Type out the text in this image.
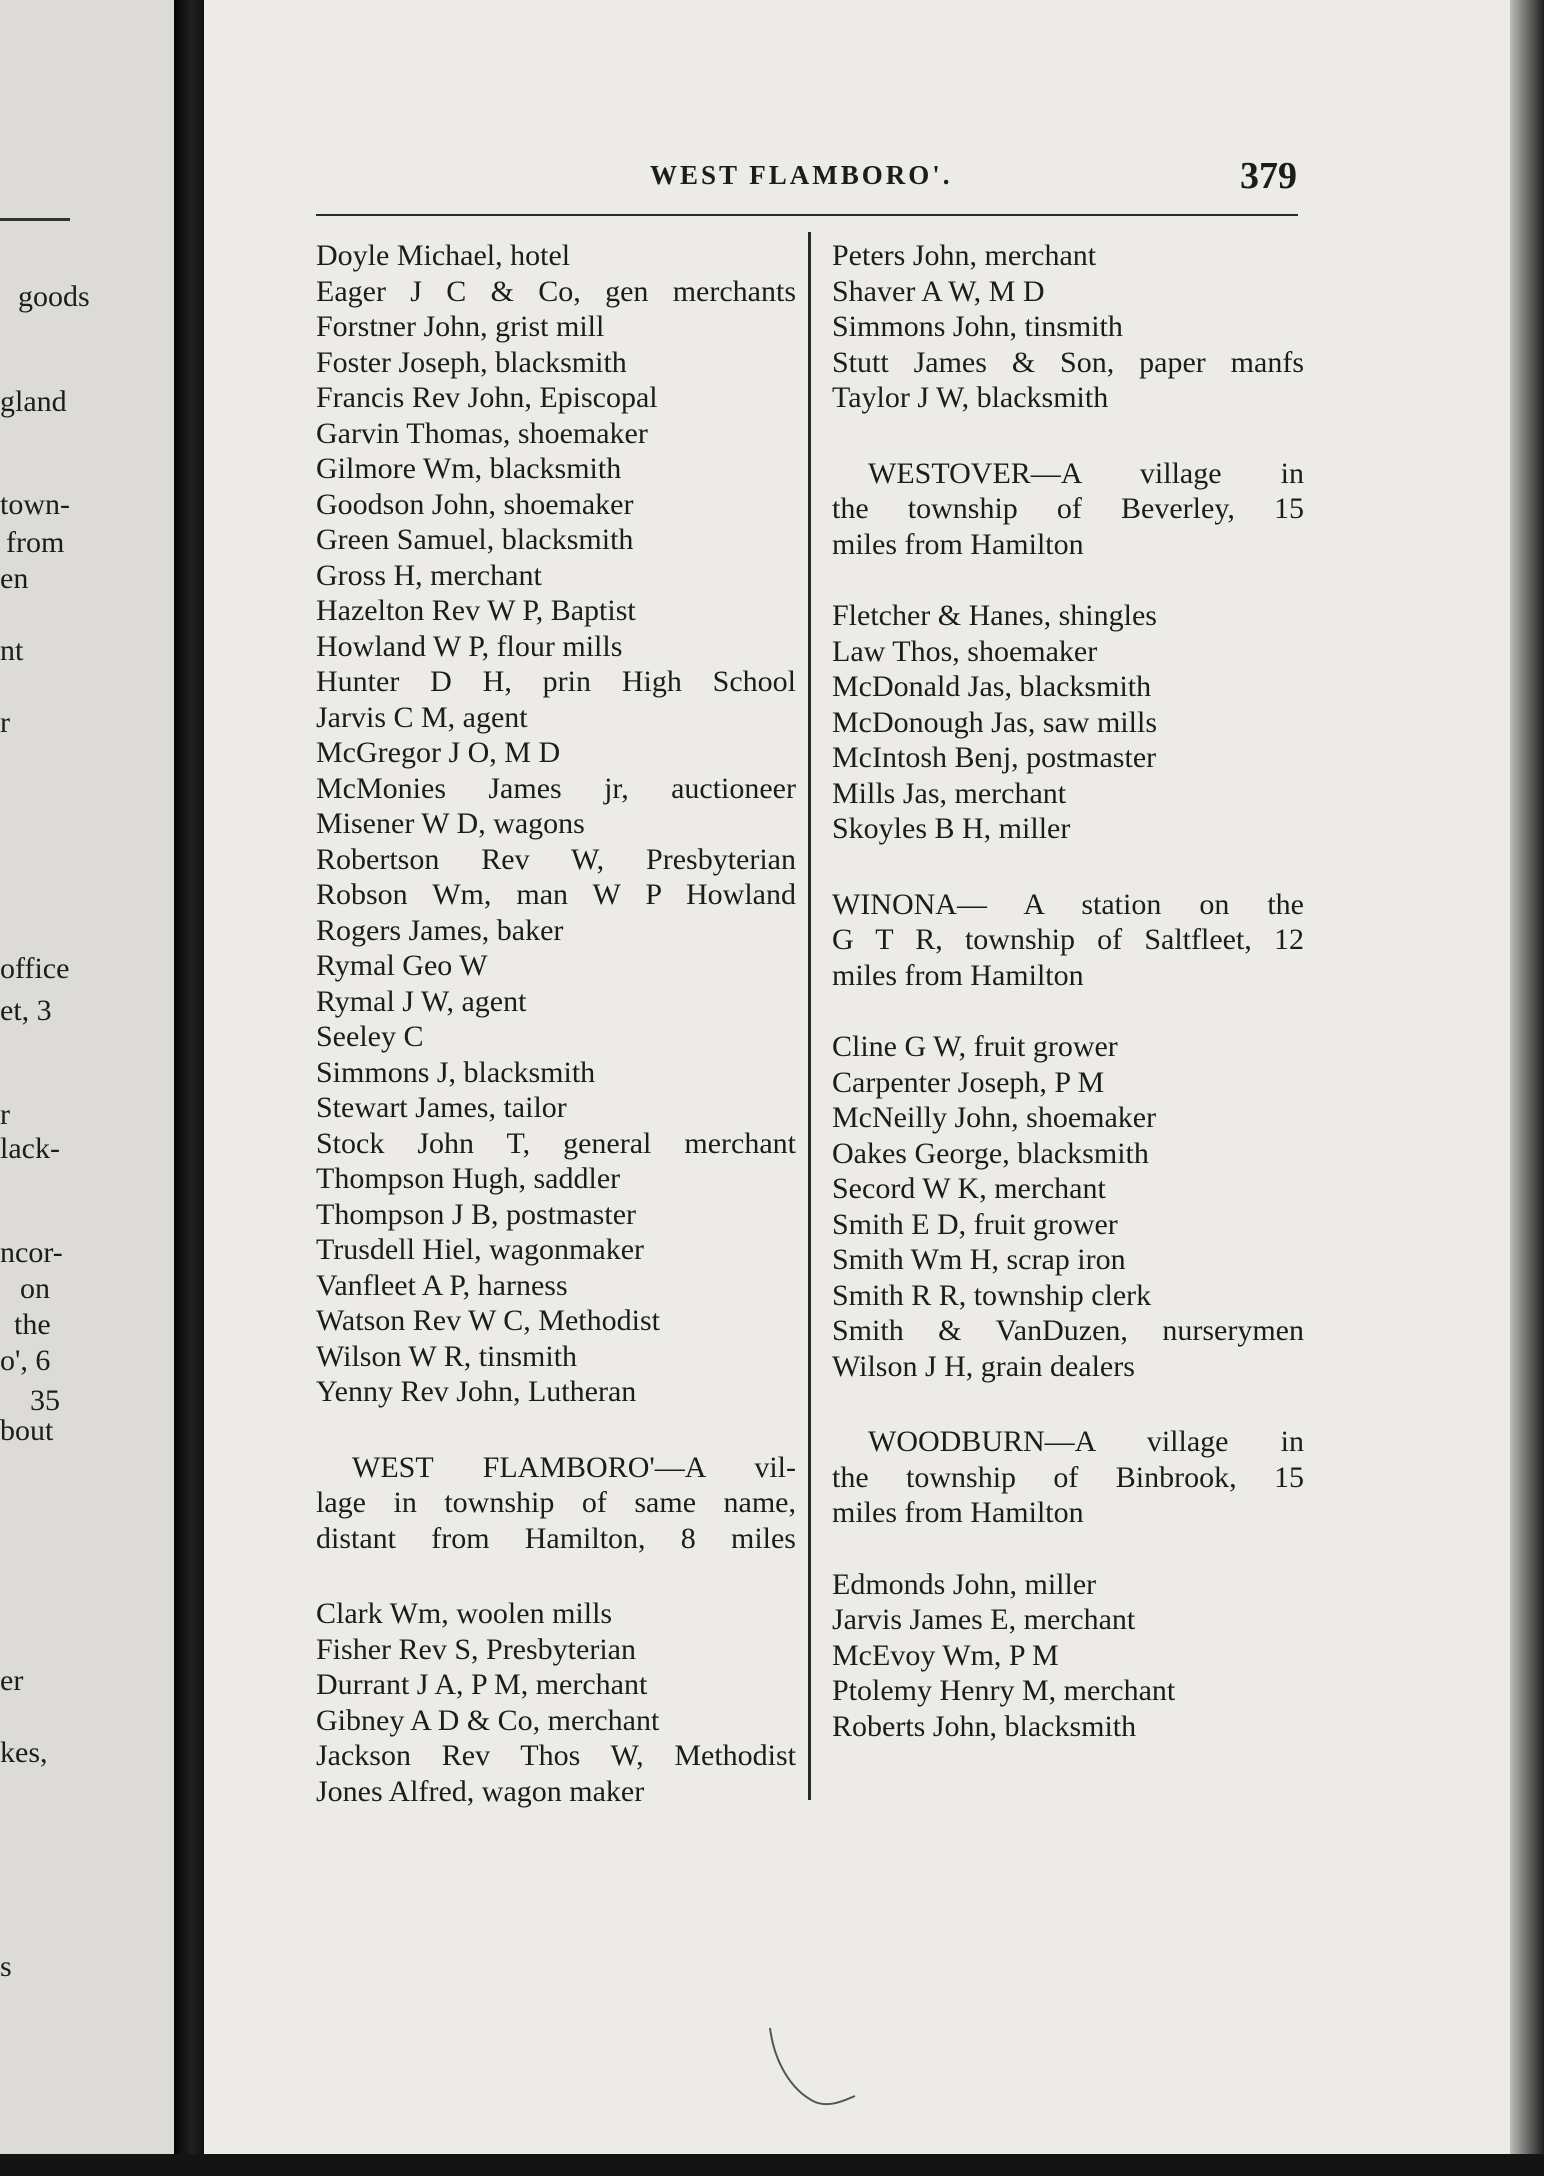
goods
gland
town-
from
en
nt
r
office
et, 3
r
lack-
ncor-
on
the
o', 6
35
bout
er
kes,
s
WEST FLAMBORO'.	379
Doyle Michael, hotel
Eager J C & Co, gen merchants
Forstner John, grist mill
Foster Joseph, blacksmith
Francis Rev John, Episcopal
Garvin Thomas, shoemaker
Gilmore Wm, blacksmith
Goodson John, shoemaker
Green Samuel, blacksmith
Gross H, merchant
Hazelton Rev W P, Baptist
Howland W P, flour mills
Hunter D H, prin High School
Jarvis C M, agent
McGregor J O, M D
McMonies James jr, auctioneer
Misener W D, wagons
Robertson Rev W, Presbyterian
Robson Wm, man W P Howland
Rogers James, baker
Rymal Geo W
Rymal J W, agent
Seeley C
Simmons J, blacksmith
Stewart James, tailor
Stock John T, general merchant
Thompson Hugh, saddler
Thompson J B, postmaster
Trusdell Hiel, wagonmaker
Vanfleet A P, harness
Watson Rev W C, Methodist
Wilson W R, tinsmith
Yenny Rev John, Lutheran
WEST FLAMBORO'—A vil-
lage in township of same name,
distant from Hamilton, 8 miles
Clark Wm, woolen mills
Fisher Rev S, Presbyterian
Durrant J A, P M, merchant
Gibney A D & Co, merchant
Jackson Rev Thos W, Methodist
Jones Alfred, wagon maker
Peters John, merchant
Shaver A W, M D
Simmons John, tinsmith
Stutt James & Son, paper manfs
Taylor J W, blacksmith
WESTOVER—A village in
the township of Beverley, 15
miles from Hamilton
Fletcher & Hanes, shingles
Law Thos, shoemaker
McDonald Jas, blacksmith
McDonough Jas, saw mills
McIntosh Benj, postmaster
Mills Jas, merchant
Skoyles B H, miller
WINONA— A station on the
G T R, township of Saltfleet, 12
miles from Hamilton
Cline G W, fruit grower
Carpenter Joseph, P M
McNeilly John, shoemaker
Oakes George, blacksmith
Secord W K, merchant
Smith E D, fruit grower
Smith Wm H, scrap iron
Smith R R, township clerk
Smith & VanDuzen, nurserymen
Wilson J H, grain dealers
WOODBURN—A village in
the township of Binbrook, 15
miles from Hamilton
Edmonds John, miller
Jarvis James E, merchant
McEvoy Wm, P M
Ptolemy Henry M, merchant
Roberts John, blacksmith
